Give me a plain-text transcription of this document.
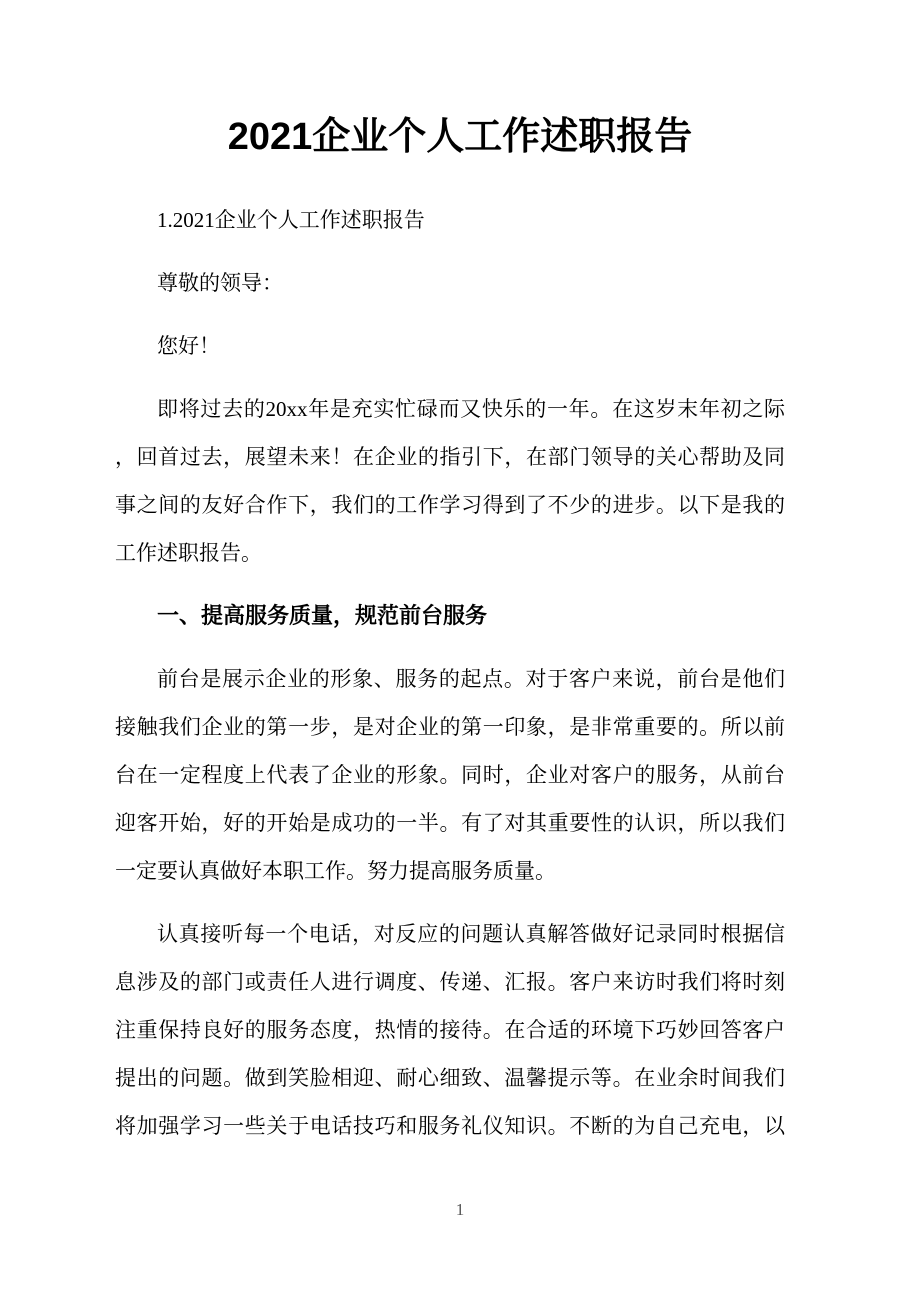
2021企业个人工作述职报告
1.2021企业个人工作述职报告
尊敬的领导：
您好！
即将过去的20xx年是充实忙碌而又快乐的一年。在这岁末年初之际
，回首过去，展望未来！在企业的指引下，在部门领导的关心帮助及同
事之间的友好合作下，我们的工作学习得到了不少的进步。以下是我的
工作述职报告。
一、提高服务质量，规范前台服务
前台是展示企业的形象、服务的起点。对于客户来说，前台是他们
接触我们企业的第一步，是对企业的第一印象，是非常重要的。所以前
台在一定程度上代表了企业的形象。同时，企业对客户的服务，从前台
迎客开始，好的开始是成功的一半。有了对其重要性的认识，所以我们
一定要认真做好本职工作。努力提高服务质量。
认真接听每一个电话，对反应的问题认真解答做好记录同时根据信
息涉及的部门或责任人进行调度、传递、汇报。客户来访时我们将时刻
注重保持良好的服务态度，热情的接待。在合适的环境下巧妙回答客户
提出的问题。做到笑脸相迎、耐心细致、温馨提示等。在业余时间我们
将加强学习一些关于电话技巧和服务礼仪知识。不断的为自己充电，以
1
